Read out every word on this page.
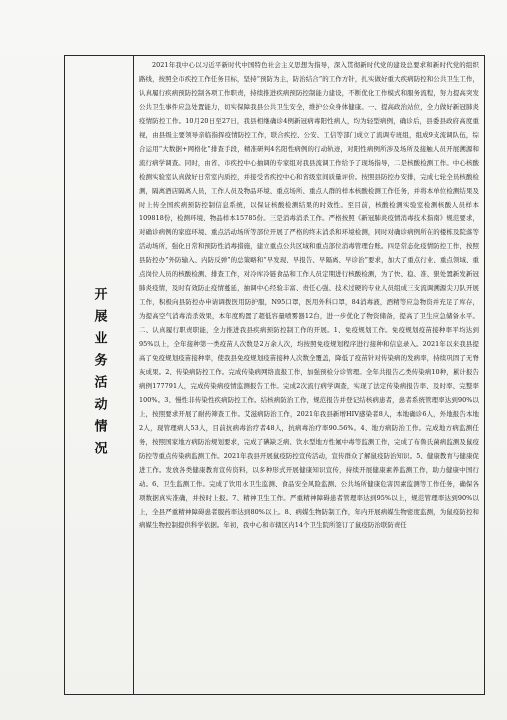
开展业务活动情况

2021年我中心以习近平新时代中国特色社会主义思想为指导，深入贯彻新时代党的建设总要求和新时代党的组织路线，按照全市疾控工作任务目标，坚持“预防为主，防治结合”的工作方针，扎实做好重大疾病防控和公共卫生工作，认真履行疾病预防控制各项工作职责，持续推进疾病预防控制能力建设，不断优化工作模式和服务流程，努力提高突发公共卫生事件应急处置能力，切实保障我县公共卫生安全，维护公众身体健康。一、提高政治站位，全力做好新冠肺炎疫情防控工作。10月20日至27日，我县相继确诊4例新冠病毒阳性病人，均为轻型病例，确诊后，县委县政府高度重视，由县级主要领导亲临指挥疫情防控工作，联合疾控、公安、工信等部门成立了流调专班组，组成9支流调队伍，综合运用“大数据+网格化”排查手段，精准研判4名阳性病例的行动轨迹，对阳性病例所涉及场所及接触人员开展溯源和流行病学调查。同时，由省、市疾控中心抽调的专家组对我县流调工作给予了现场指导，二是核酸检测工作。中心核酸检测实验室认真做好日常室内质控，并接受省疾控中心和省级室间质量评价。按照县防控办安排，完成七轮全员核酸检测，隔离酒店隔离人员，工作人员及物品环境、重点场所、重点人群的样本核酸检测工作任务，并将本单位检测结果及时上传全国疾病预防控制信息系统，以保证核酸检测结果的时效性。至目前，核酸检测实验室检测核酸人员样本109818份，检测环境、物品样本15785份。三是消毒消杀工作。严格按照《新冠肺炎疫情消毒技术指南》规范要求，对确诊病例的家庭环境、重点活动场所等部位开展了严格的终末消杀和环境检测，同时对确诊病例所在的楼栋及院落等活动场所，强化日常和预防性消毒措施，建立重点公共区域和重点部位消毒管理台账。四是常态化疫情防控工作，按照县防控办“外防输入、内防反弹”的总策略和“早发现、早报告、早隔离、早诊治”要求，加大了重点行业、重点领域、重点岗位人员的核酸检测、排查工作，对冷库冷链食品和工作人员定期进行核酸检测，为了快、稳、准、狠处置新发新冠肺炎疫情，及时有效防止疫情蔓延，抽调中心经验丰富、责任心强、技术过硬的专业人员组成三支流调溯源尖刀队开展工作，积极向县防控办申请调拨医用防护服，N95口罩，医用外科口罩，84消毒液，酒精等应急物资并充足了库存，为提高空气消毒消杀效果，本年度购置了超低容量喷雾器12台，进一步优化了物资储备，提高了卫生应急储备水平。二、认真履行职责职能，全力推进我县疾病预防控制工作的开展。1、免疫规划工作。免疫规划疫苗接种率平均达到95%以上，全年接种第一类疫苗人次数是2万余人次，均按照免疫规划程序进行接种和信息录入。2021年以来我县提高了免疫规划疫苗接种率，使我县免疫规划疫苗接种人次数全覆盖，降低了疫苗针对传染病的发病率，持续巩固了无脊灰成果。2、传染病防控工作。完成传染病网络直报工作，加强预检分诊管理。全年共报告乙类传染病10种，累计报告病例177791人，完成传染病疫情监测报告工作。完成2次流行病学调查，实现了法定传染病报告率、及时率、完整率100%。3、慢性非传染性疾病防控工作。结核病防治工作，规范报告并登记结核病患者，患者系统管理率达到90%以上，按照要求开展了耐药筛查工作。艾滋病防治工作，2021年我县新增HIV感染者8人，本地确诊6人，外地报告本地2人，现管理病人53人，目前抗病毒治疗者48人，抗病毒治疗率90.56%。4、地方病防治工作。完成地方病监测任务，按照国家地方病防治规划要求，完成了碘缺乏病、饮水型地方性氟中毒等监测工作，完成了布鲁氏菌病监测及鼠疫防控等重点传染病监测工作。2021年我县开展鼠疫防控宣传活动，宣传群众了解鼠疫防治知识。5、健康教育与健康促进工作。发放各类健康教育宣传资料，以多种形式开展健康知识宣传，持续开展健康素养监测工作，助力健康中国行动。6、卫生监测工作。完成了饮用水卫生监测、食品安全风险监测、公共场所健康危害因素监测等工作任务，确保各项数据真实准确，并按时上报。7、精神卫生工作。严重精神障碍患者管理率达到95%以上，规范管理率达到90%以上，全县严重精神障碍患者服药率达到80%以上。8、病媒生物防制工作，年内开展病媒生物密度监测，为鼠疫防控和病媒生物控制提供科学依据。年初，我中心和市辖区内14个卫生院所签订了鼠疫防治联防责任
